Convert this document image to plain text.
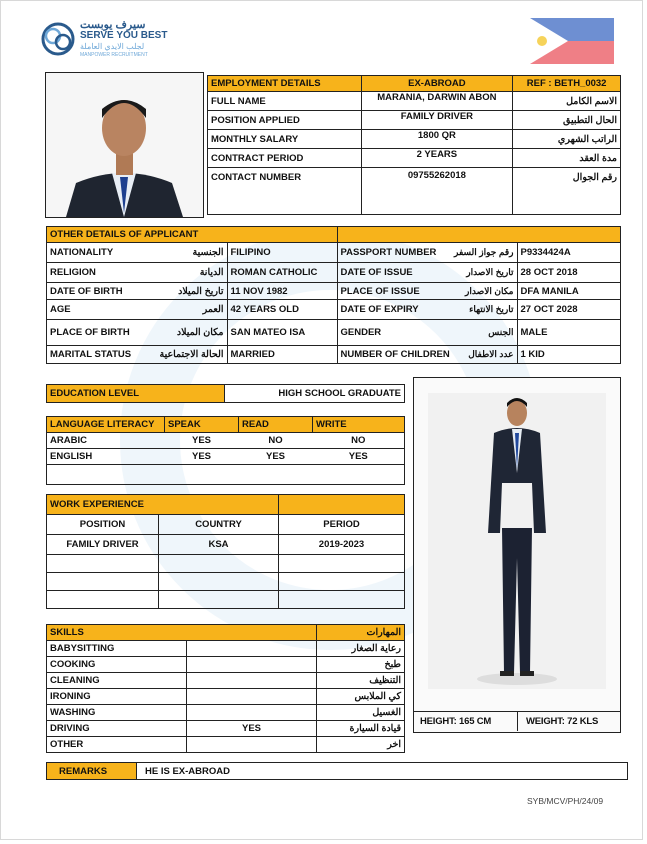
سيرف يوبست
SERVE YOU BEST
لجلب الايدي العاملة
MANPOWER RECRUITMENT
EMPLOYMENT DETAILS	EX-ABROAD	REF : BETH_0032
FULL NAME	MARANIA, DARWIN ABON	الاسم الكامل
POSITION APPLIED	FAMILY DRIVER	الحال التطبيق
MONTHLY SALARY	1800 QR	الراتب الشهري
CONTRACT PERIOD	2 YEARS	مدة العقد
CONTACT NUMBER	09755262018	رقم الجوال
OTHER DETAILS OF APPLICANT				
NATIONALITY	الجنسية	FILIPINO	PASSPORT NUMBER رقم جواز السفر	P9334424A
RELIGION	الديانة	ROMAN CATHOLIC	DATE OF ISSUE تاريخ الاصدار	28 OCT 2018
DATE OF BIRTH	تاريخ الميلاد	11 NOV 1982	PLACE OF ISSUE مكان الاصدار	DFA MANILA
AGE	العمر	42 YEARS OLD	DATE OF EXPIRY تاريخ الانتهاء	27 OCT 2028
PLACE OF BIRTH	مكان الميلاد	SAN MATEO ISA	GENDER الجنس	MALE
MARITAL STATUS	الحالة الاجتماعية	MARRIED	NUMBER OF CHILDREN عدد الاطفال	1 KID
HEIGHT: 165 CM	WEIGHT: 72 KLS
EDUCATION LEVEL	HIGH SCHOOL GRADUATE
LANGUAGE LITERACY	SPEAK	READ	WRITE
ARABIC	YES	NO	NO
ENGLISH	YES	YES	YES

WORK EXPERIENCE		
POSITION	COUNTRY	PERIOD
FAMILY DRIVER	KSA	2019-2023

SKILLS		المهارات
BABYSITTING		رعاية الصغار
COOKING		طبخ
CLEANING		التنظيف
IRONING		كي الملابس
WASHING		الغسيل
DRIVING	YES	قيادة السيارة
OTHER		اخر
REMARKS	HE IS EX-ABROAD
SYB/MCV/PH/24/09
